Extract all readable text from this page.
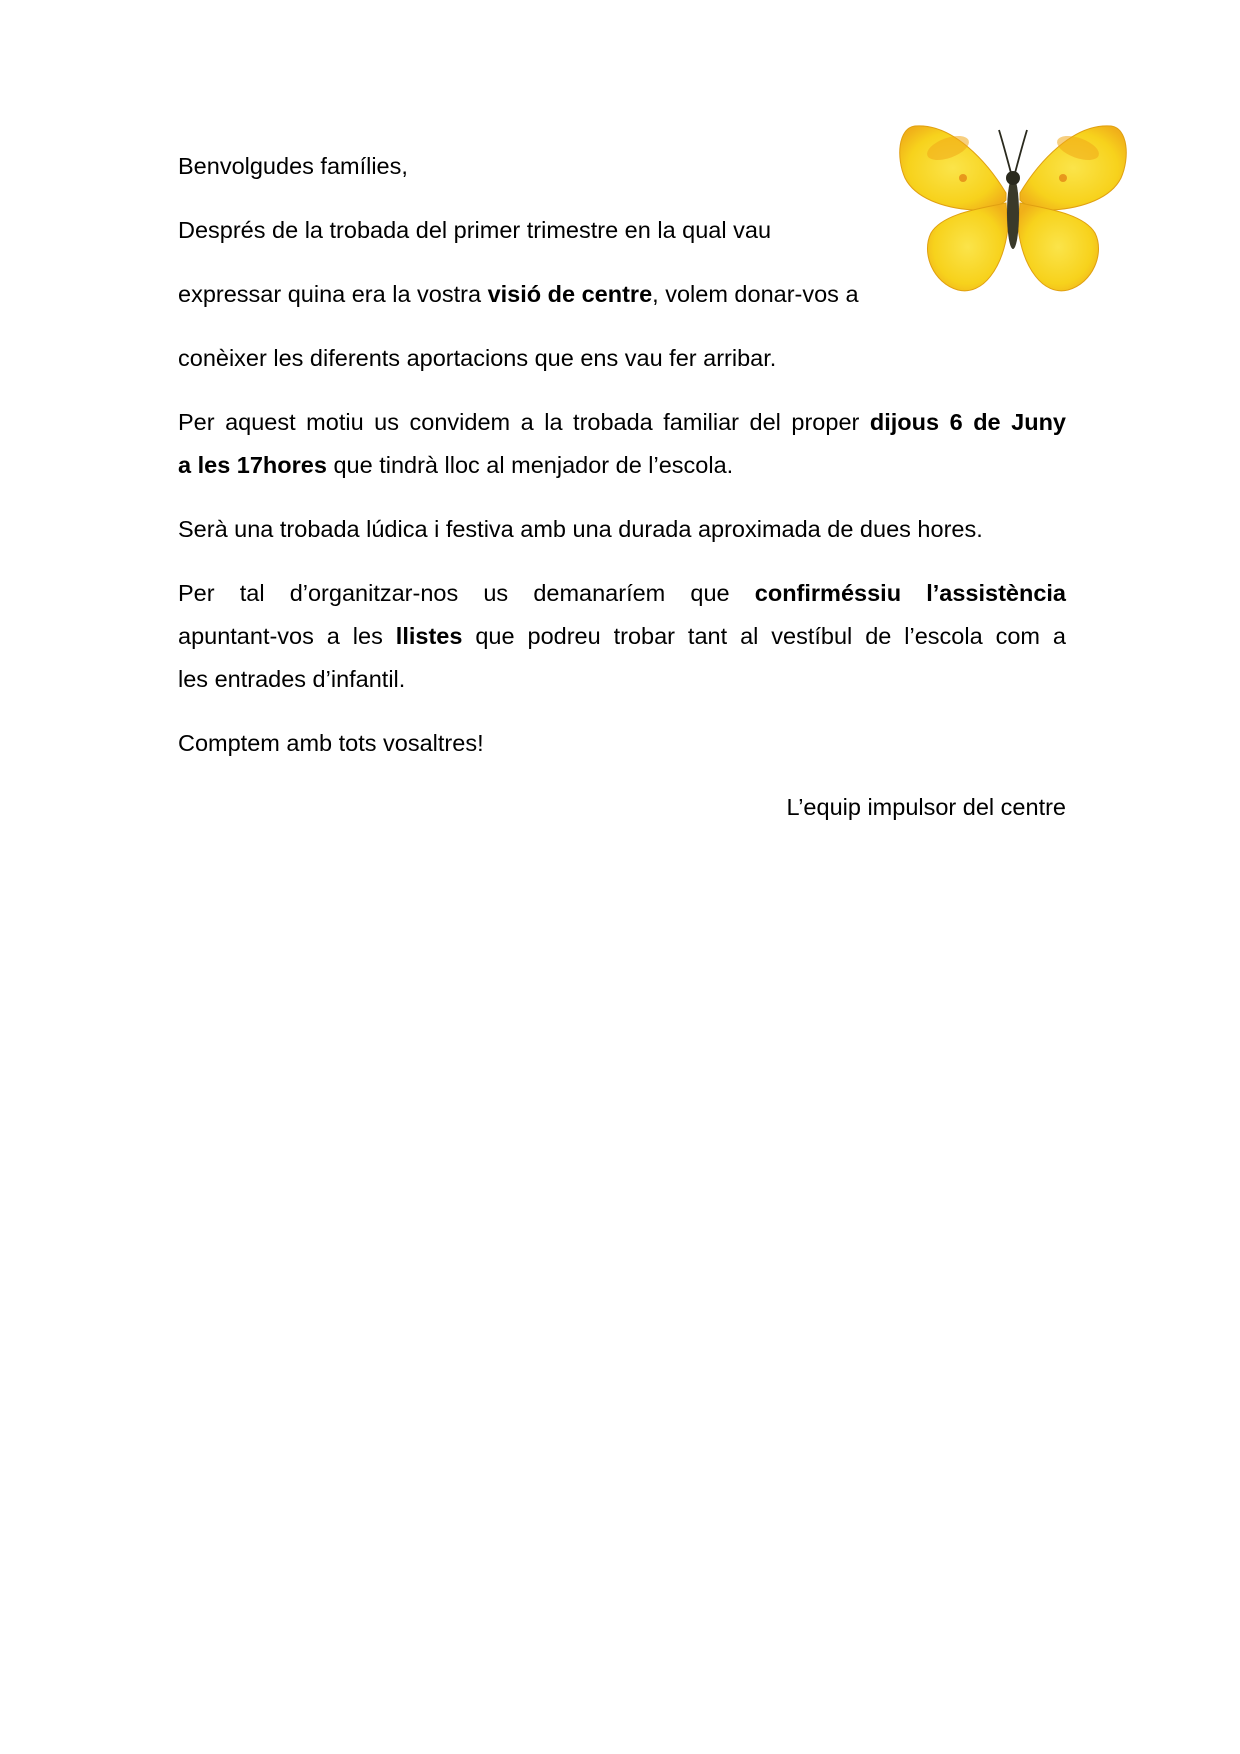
Benvolgudes famílies,
Després de la trobada del primer trimestre en la qual vau
expressar quina era la vostra visió de centre, volem donar-vos a
conèixer les diferents aportacions que ens vau fer arribar.
Per aquest motiu us convidem a la trobada familiar del proper dijous 6 de Juny
a les 17hores que tindrà lloc al menjador de l’escola.
Serà una trobada lúdica i festiva amb una durada aproximada de dues hores.
Per tal d’organitzar-nos us demanaríem que confirméssiu l’assistència
apuntant-vos a les llistes que podreu trobar tant al vestíbul de l’escola com a
les entrades d’infantil.
Comptem amb tots vosaltres!
L’equip impulsor del centre
